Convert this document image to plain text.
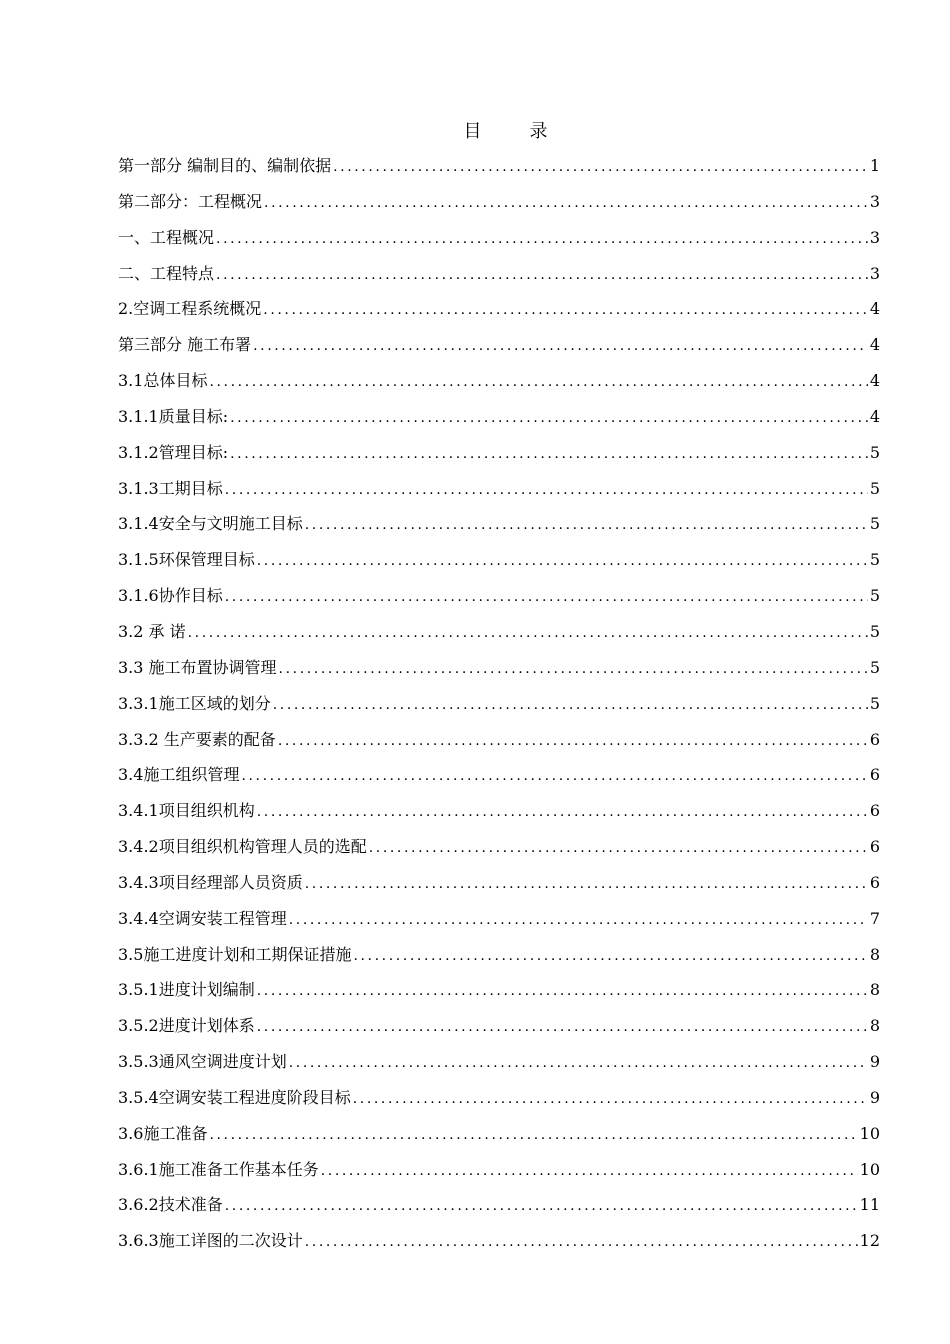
目录
第一部分 编制目的、编制依据 .....	1
第二部分：工程概况 .....	3
一、工程概况 .....	3
二、工程特点 .....	3
2.空调工程系统概况 .....	4
第三部分 施工布署 .....	4
3.1总体目标 .....	4
3.1.1质量目标: .....	4
3.1.2管理目标: .....	5
3.1.3工期目标 .....	5
3.1.4安全与文明施工目标 .....	5
3.1.5环保管理目标 .....	5
3.1.6协作目标 .....	5
3.2 承 诺 .....	5
3.3 施工布置协调管理 .....	5
3.3.1施工区域的划分 .....	5
3.3.2 生产要素的配备 .....	6
3.4施工组织管理 .....	6
3.4.1项目组织机构 .....	6
3.4.2项目组织机构管理人员的选配 .....	6
3.4.3项目经理部人员资质 .....	6
3.4.4空调安装工程管理 .....	7
3.5施工进度计划和工期保证措施 .....	8
3.5.1进度计划编制 .....	8
3.5.2进度计划体系 .....	8
3.5.3通风空调进度计划 .....	9
3.5.4空调安装工程进度阶段目标 .....	9
3.6施工准备 .....	10
3.6.1施工准备工作基本任务 .....	10
3.6.2技术准备 .....	11
3.6.3施工详图的二次设计 .....	12
